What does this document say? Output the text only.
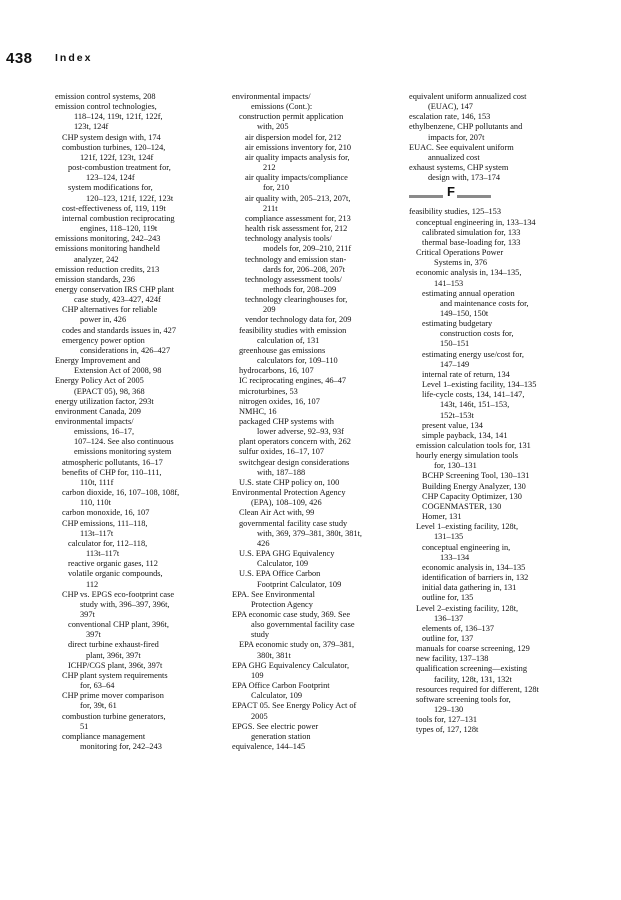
438 Index
emission control systems, 208
emission control technologies,
118–124, 119t, 121f, 122f,
123t, 124f
CHP system design with, 174
combustion turbines, 120–124,
121f, 122f, 123t, 124f
post-combustion treatment for,
123–124, 124f
system modifications for,
120–123, 121f, 122f, 123t
cost-effectiveness of, 119, 119t
internal combustion reciprocating
engines, 118–120, 119t
emissions monitoring, 242–243
emissions monitoring handheld
analyzer, 242
emission reduction credits, 213
emission standards, 236
energy conservation IRS CHP plant
case study, 423–427, 424f
CHP alternatives for reliable
power in, 426
codes and standards issues in, 427
emergency power option
considerations in, 426–427
Energy Improvement and
Extension Act of 2008, 98
Energy Policy Act of 2005
(EPACT 05), 98, 368
energy utilization factor, 293t
environment Canada, 209
environmental impacts/
emissions, 16–17,
107–124. See also continuous
emissions monitoring system
atmospheric pollutants, 16–17
benefits of CHP for, 110–111,
110t, 111f
carbon dioxide, 16, 107–108, 108f,
110, 110t
carbon monoxide, 16, 107
CHP emissions, 111–118,
113t–117t
calculator for, 112–118,
113t–117t
reactive organic gases, 112
volatile organic compounds,
112
CHP vs. EPGS eco-footprint case
study with, 396–397, 396t,
397t
conventional CHP plant, 396t,
397t
direct turbine exhaust-fired
plant, 396t, 397t
ICHP/CGS plant, 396t, 397t
CHP plant system requirements
for, 63–64
CHP prime mover comparison
for, 39t, 61
combustion turbine generators,
51
compliance management
monitoring for, 242–243
environmental impacts/
emissions (Cont.):
construction permit application
with, 205
air dispersion model for, 212
air emissions inventory for, 210
air quality impacts analysis for,
212
air quality impacts/compliance
for, 210
air quality with, 205–213, 207t,
211t
compliance assessment for, 213
health risk assessment for, 212
technology analysis tools/
models for, 209–210, 211f
technology and emission stan-
dards for, 206–208, 207t
technology assessment tools/
methods for, 208–209
technology clearinghouses for,
209
vendor technology data for, 209
feasibility studies with emission
calculation of, 131
greenhouse gas emissions
calculators for, 109–110
hydrocarbons, 16, 107
IC reciprocating engines, 46–47
microturbines, 53
nitrogen oxides, 16, 107
NMHC, 16
packaged CHP systems with
lower adverse, 92–93, 93f
plant operators concern with, 262
sulfur oxides, 16–17, 107
switchgear design considerations
with, 187–188
U.S. state CHP policy on, 100
Environmental Protection Agency
(EPA), 108–109, 426
Clean Air Act with, 99
governmental facility case study
with, 369, 379–381, 380t, 381t,
426
U.S. EPA GHG Equivalency
Calculator, 109
U.S. EPA Office Carbon
Footprint Calculator, 109
EPA. See Environmental
Protection Agency
EPA economic case study, 369. See
also governmental facility case
study
EPA economic study on, 379–381,
380t, 381t
EPA GHG Equivalency Calculator,
109
EPA Office Carbon Footprint
Calculator, 109
EPACT 05. See Energy Policy Act of
2005
EPGS. See electric power
generation station
equivalence, 144–145
equivalent uniform annualized cost
(EUAC), 147
escalation rate, 146, 153
ethylbenzene, CHP pollutants and
impacts for, 207t
EUAC. See equivalent uniform
annualized cost
exhaust systems, CHP system
design with, 173–174
F
feasibility studies, 125–153
conceptual engineering in, 133–134
calibrated simulation for, 133
thermal base-loading for, 133
Critical Operations Power
Systems in, 376
economic analysis in, 134–135,
141–153
estimating annual operation
and maintenance costs for,
149–150, 150t
estimating budgetary
construction costs for,
150–151
estimating energy use/cost for,
147–149
internal rate of return, 134
Level 1–existing facility, 134–135
life-cycle costs, 134, 141–147,
143t, 146t, 151–153,
152t–153t
present value, 134
simple payback, 134, 141
emission calculation tools for, 131
hourly energy simulation tools
for, 130–131
BCHP Screening Tool, 130–131
Building Energy Analyzer, 130
CHP Capacity Optimizer, 130
COGENMASTER, 130
Homer, 131
Level 1–existing facility, 128t,
131–135
conceptual engineering in,
133–134
economic analysis in, 134–135
identification of barriers in, 132
initial data gathering in, 131
outline for, 135
Level 2–existing facility, 128t,
136–137
elements of, 136–137
outline for, 137
manuals for coarse screening, 129
new facility, 137–138
qualification screening—existing
facility, 128t, 131, 132t
resources required for different, 128t
software screening tools for,
129–130
tools for, 127–131
types of, 127, 128t
